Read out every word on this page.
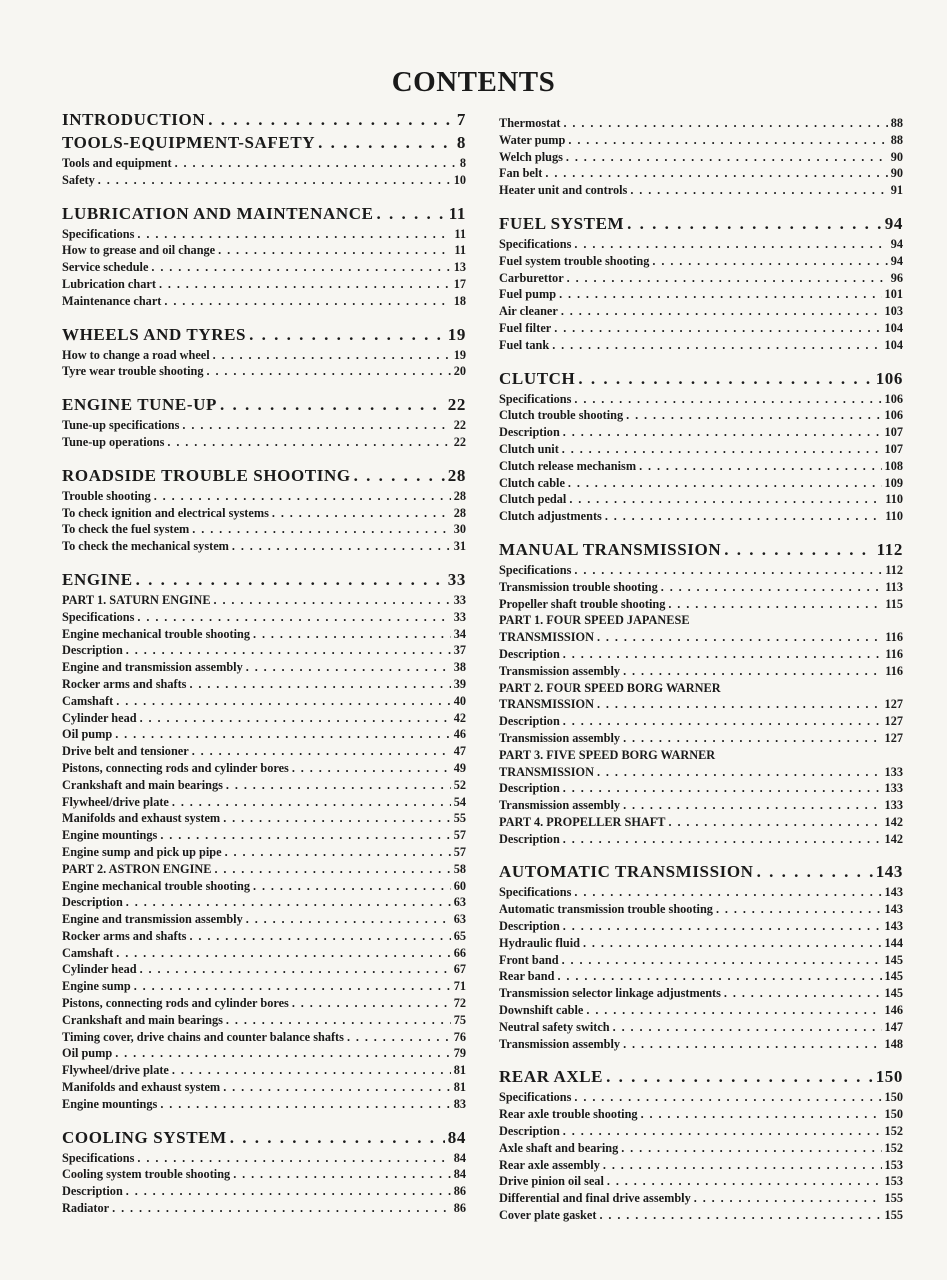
CONTENTS
INTRODUCTION . . .	7
TOOLS-EQUIPMENT-SAFETY . . .	8
Tools and equipment . . .	8
Safety . . .	10
LUBRICATION AND MAINTENANCE . . .	11
Specifications . . .	11
How to grease and oil change . . .	11
Service schedule . . .	13
Lubrication chart . . .	17
Maintenance chart . . .	18
WHEELS AND TYRES . . .	19
How to change a road wheel . . .	19
Tyre wear trouble shooting . . .	20
ENGINE TUNE-UP . . .	22
Tune-up specifications . . .	22
Tune-up operations . . .	22
ROADSIDE TROUBLE SHOOTING . . .	28
Trouble shooting . . .	28
To check ignition and electrical systems . . .	28
To check the fuel system . . .	30
To check the mechanical system . . .	31
ENGINE . . .	33
PART 1. SATURN ENGINE . . .	33
Specifications . . .	33
Engine mechanical trouble shooting . . .	34
Description . . .	37
Engine and transmission assembly . . .	38
Rocker arms and shafts . . .	39
Camshaft . . .	40
Cylinder head . . .	42
Oil pump . . .	46
Drive belt and tensioner . . .	47
Pistons, connecting rods and cylinder bores . . .	49
Crankshaft and main bearings . . .	52
Flywheel/drive plate . . .	54
Manifolds and exhaust system . . .	55
Engine mountings . . .	57
Engine sump and pick up pipe . . .	57
PART 2. ASTRON ENGINE . . .	58
Engine mechanical trouble shooting . . .	60
Description . . .	63
Engine and transmission assembly . . .	63
Rocker arms and shafts . . .	65
Camshaft . . .	66
Cylinder head . . .	67
Engine sump . . .	71
Pistons, connecting rods and cylinder bores . . .	72
Crankshaft and main bearings . . .	75
Timing cover, drive chains and counter balance shafts . . .	76
Oil pump . . .	79
Flywheel/drive plate . . .	81
Manifolds and exhaust system . . .	81
Engine mountings . . .	83
COOLING SYSTEM . . .	84
Specifications . . .	84
Cooling system trouble shooting . . .	84
Description . . .	86
Radiator . . .	86
Thermostat . . .	88
Water pump . . .	88
Welch plugs . . .	90
Fan belt . . .	90
Heater unit and controls . . .	91
FUEL SYSTEM . . .	94
Specifications . . .	94
Fuel system trouble shooting . . .	94
Carburettor . . .	96
Fuel pump . . .	101
Air cleaner . . .	103
Fuel filter . . .	104
Fuel tank . . .	104
CLUTCH . . .	106
Specifications . . .	106
Clutch trouble shooting . . .	106
Description . . .	107
Clutch unit . . .	107
Clutch release mechanism . . .	108
Clutch cable . . .	109
Clutch pedal . . .	110
Clutch adjustments . . .	110
MANUAL TRANSMISSION . . .	112
Specifications . . .	112
Transmission trouble shooting . . .	113
Propeller shaft trouble shooting . . .	115
PART 1. FOUR SPEED JAPANESE
TRANSMISSION . . .	116
Description . . .	116
Transmission assembly . . .	116
PART 2. FOUR SPEED BORG WARNER
TRANSMISSION . . .	127
Description . . .	127
Transmission assembly . . .	127
PART 3. FIVE SPEED BORG WARNER
TRANSMISSION . . .	133
Description . . .	133
Transmission assembly . . .	133
PART 4. PROPELLER SHAFT . . .	142
Description . . .	142
AUTOMATIC TRANSMISSION . . .	143
Specifications . . .	143
Automatic transmission trouble shooting . . .	143
Description . . .	143
Hydraulic fluid . . .	144
Front band . . .	145
Rear band . . .	145
Transmission selector linkage adjustments . . .	145
Downshift cable . . .	146
Neutral safety switch . . .	147
Transmission assembly . . .	148
REAR AXLE . . .	150
Specifications . . .	150
Rear axle trouble shooting . . .	150
Description . . .	152
Axle shaft and bearing . . .	152
Rear axle assembly . . .	153
Drive pinion oil seal . . .	153
Differential and final drive assembly . . .	155
Cover plate gasket . . .	155
